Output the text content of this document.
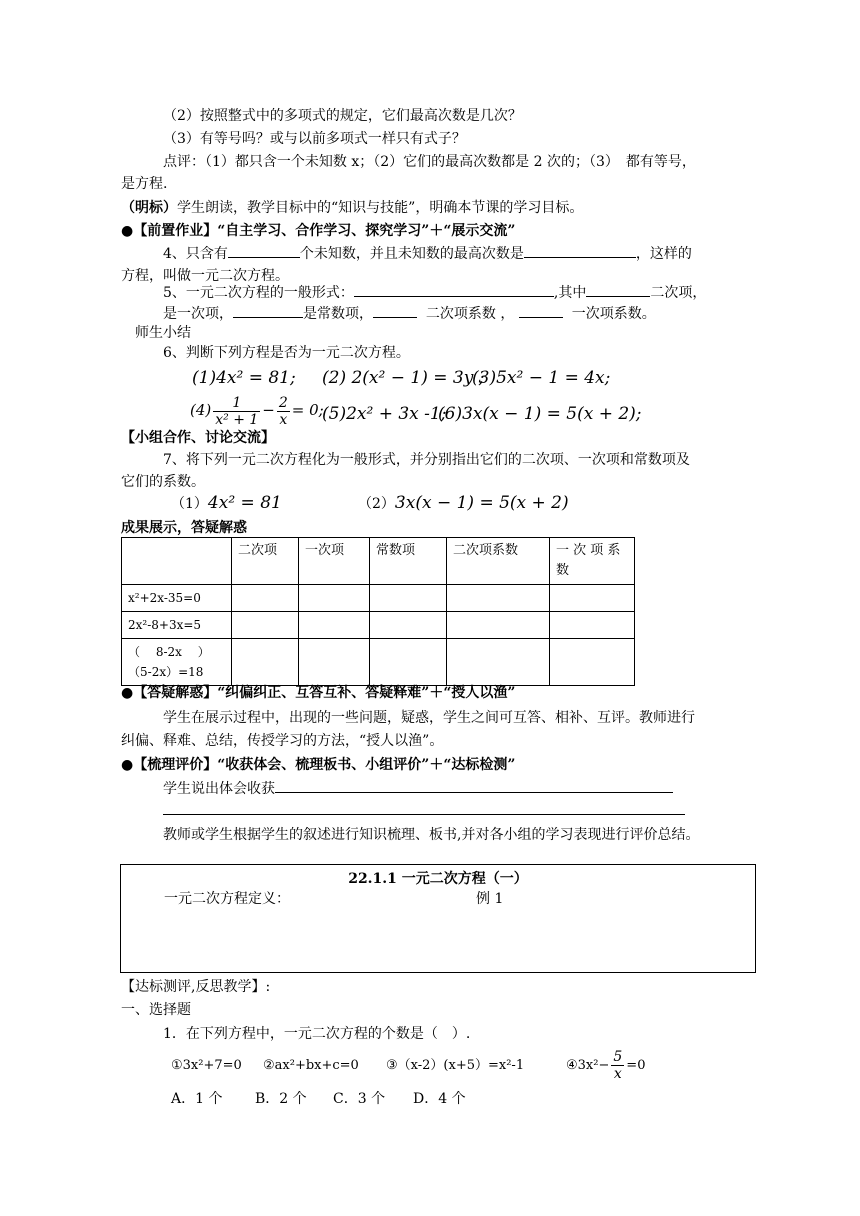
（2）按照整式中的多项式的规定，它们最高次数是几次？
（3）有等号吗？或与以前多项式一样只有式子？
点评：（1）都只含一个未知数 x；（2）它们的最高次数都是 2 次的；（3）　都有等号，
是方程.
（明标）学生朗读，教学目标中的“知识与技能”，明确本节课的学习目标。
●【前置作业】“自主学习、合作学习、探究学习”＋“展示交流”
4、只含有	个未知数，并且未知数的最高次数是	，这样的
方程，叫做一元二次方程。
5、一元二次方程的一般形式：	,其中	二次项，
是一次项，	是常数项，	二次项系数 ，	一次项系数。
师生小结
6、判断下列方程是否为一元二次方程。
(1)4x² = 81; (2) 2(x² − 1) = 3y ;
(3)5x² − 1 = 4x;
$(4) \frac{1}{\text{x² + 1}} - \frac{2}{x} = 0$;
(5)2x² + 3x -1;
(6)3x(x − 1) = 5(x + 2);
【小组合作、讨论交流】
7、将下列一元二次方程化为一般形式，并分别指出它们的二次项、一次项和常数项及
它们的系数。
（1）4x² = 81	（2）3x(x − 1) = 5(x + 2)
成果展示，答疑解惑
	二次项	一次项	常数项	二次项系数	一 次 项 系 数
x²+2x-35=0					
2x²-8+3x=5					
（　 8-2x　 ）（5-2x）=18					
●【答疑解惑】“纠偏纠正、互答互补、答疑释难”＋“授人以渔”
学生在展示过程中，出现的一些问题，疑惑，学生之间可互答、相补、互评。教师进行
纠偏、释难、总结，传授学习的方法，“授人以渔”。
●【梳理评价】“收获体会、梳理板书、小组评价”＋“达标检测”
学生说出体会收获
教师或学生根据学生的叙述进行知识梳理、板书,并对各小组的学习表现进行评价总结。
22.1.1 一元二次方程（一）
一元二次方程定义：	例 1
【达标测评,反思教学】:
一、选择题
1．在下列方程中，一元二次方程的个数是（　）.
①3x²+7=0 ②ax²+bx+c=0 ③（x-2）(x+5）=x²-1	④3x²− $\frac{5}{x} =0$
A．1 个 B．2 个 C．3 个 D．4 个
